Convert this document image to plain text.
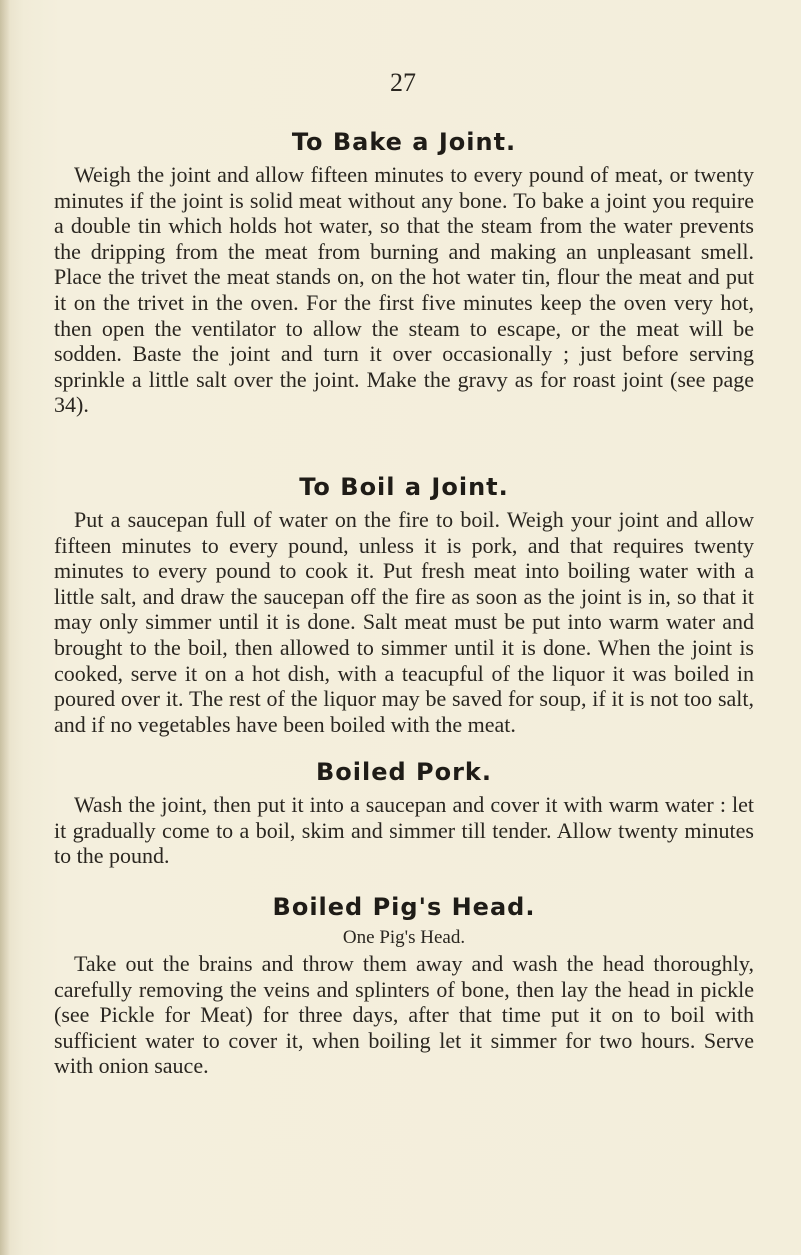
27
To Bake a Joint.

Weigh the joint and allow fifteen minutes to every pound of meat, or twenty minutes if the joint is solid meat without any bone. To bake a joint you require a double tin which holds hot water, so that the steam from the water prevents the dripping from the meat from burning and making an unpleasant smell. Place the trivet the meat stands on, on the hot water tin, flour the meat and put it on the trivet in the oven. For the first five minutes keep the oven very hot, then open the ventilator to allow the steam to escape, or the meat will be sodden. Baste the joint and turn it over occasionally ; just before serving sprinkle a little salt over the joint. Make the gravy as for roast joint (see page 34).

To Boil a Joint.

Put a saucepan full of water on the fire to boil. Weigh your joint and allow fifteen minutes to every pound, unless it is pork, and that requires twenty minutes to every pound to cook it. Put fresh meat into boiling water with a little salt, and draw the saucepan off the fire as soon as the joint is in, so that it may only simmer until it is done. Salt meat must be put into warm water and brought to the boil, then allowed to simmer until it is done. When the joint is cooked, serve it on a hot dish, with a teacupful of the liquor it was boiled in poured over it. The rest of the liquor may be saved for soup, if it is not too salt, and if no vegetables have been boiled with the meat.

Boiled Pork.

Wash the joint, then put it into a saucepan and cover it with warm water : let it gradually come to a boil, skim and simmer till tender. Allow twenty minutes to the pound.

Boiled Pig's Head.
One Pig's Head.

Take out the brains and throw them away and wash the head thoroughly, carefully removing the veins and splinters of bone, then lay the head in pickle (see Pickle for Meat) for three days, after that time put it on to boil with sufficient water to cover it, when boiling let it simmer for two hours. Serve with onion sauce.
